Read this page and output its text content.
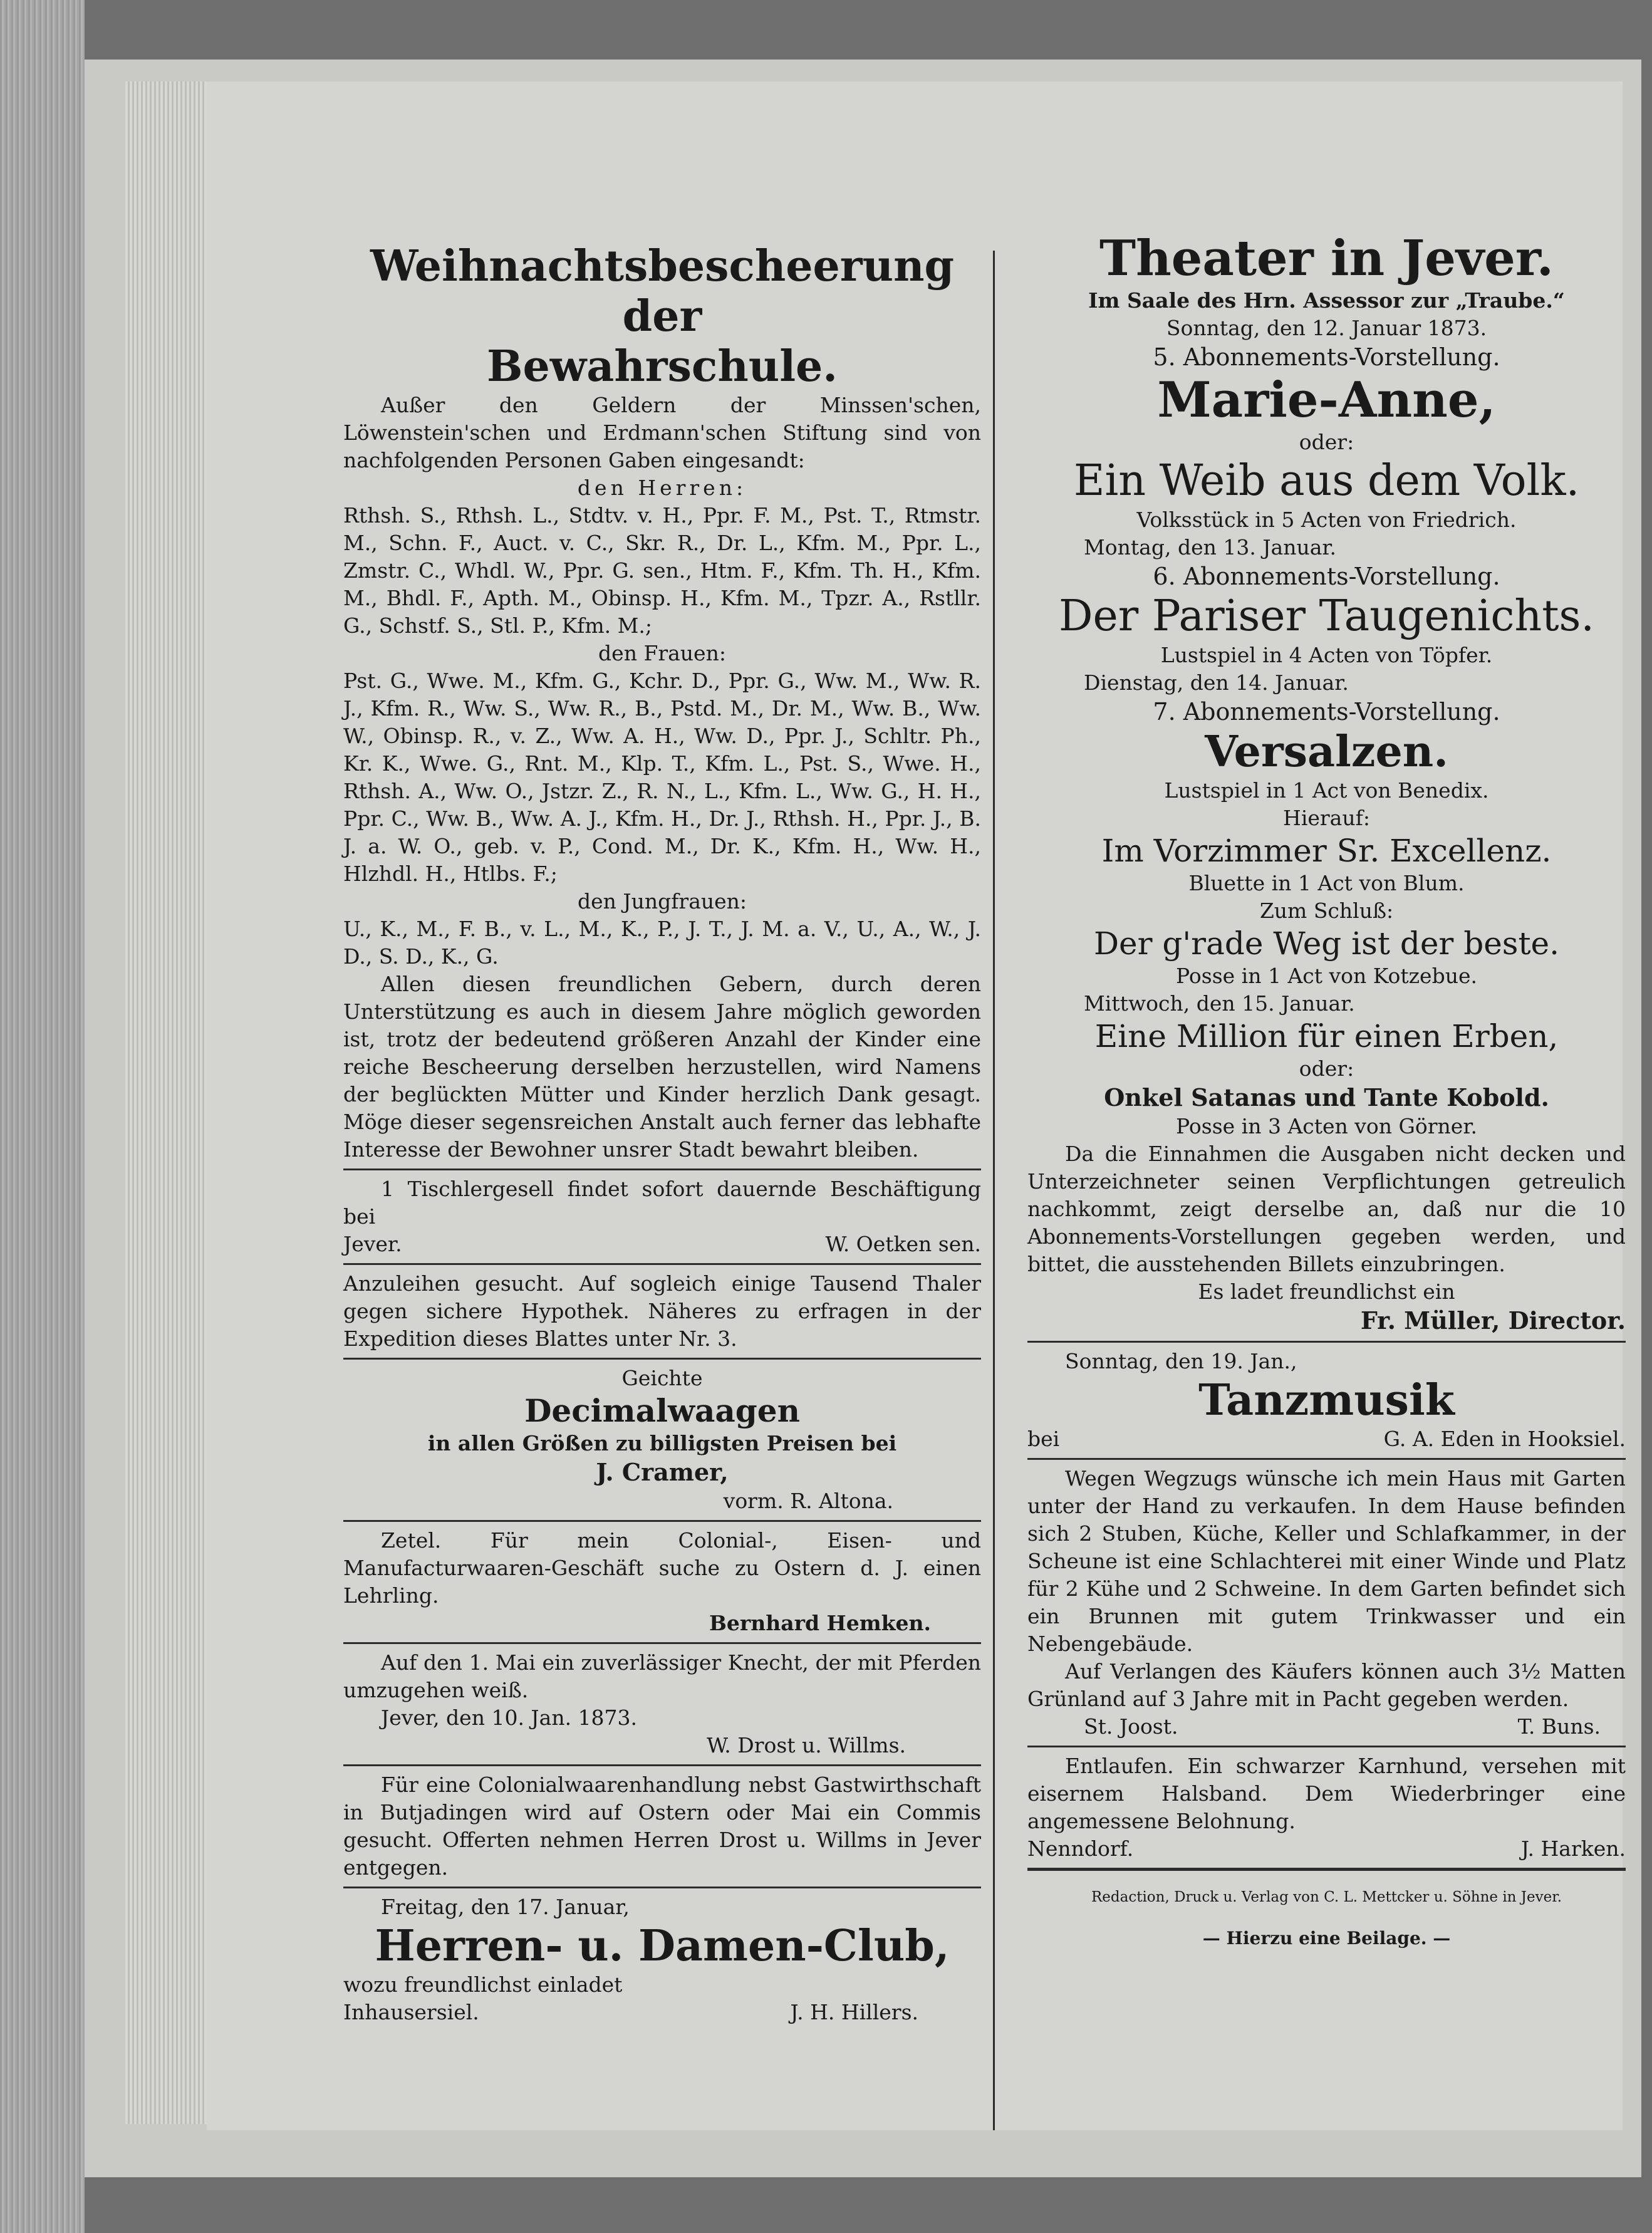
Weihnachtsbescheerung der

Bewahrschule.

Außer den Geldern der Minssen'schen, Löwenstein'schen und Erdmann'schen Stiftung sind von nachfolgenden Personen Gaben eingesandt:

den Herren:

Rthsh. S., Rthsh. L., Stdtv. v. H., Ppr. F. M., Pst. T., Rtmstr. M., Schn. F., Auct. v. C., Skr. R., Dr. L., Kfm. M., Ppr. L., Zmstr. C., Whdl. W., Ppr. G. sen., Htm. F., Kfm. Th. H., Kfm. M., Bhdl. F., Apth. M., Obinsp. H., Kfm. M., Tpzr. A., Rstllr. G., Schstf. S., Stl. P., Kfm. M.;

den Frauen:

Pst. G., Wwe. M., Kfm. G., Kchr. D., Ppr. G., Ww. M., Ww. R. J., Kfm. R., Ww. S., Ww. R., B., Pstd. M., Dr. M., Ww. B., Ww. W., Obinsp. R., v. Z., Ww. A. H., Ww. D., Ppr. J., Schltr. Ph., Kr. K., Wwe. G., Rnt. M., Klp. T., Kfm. L., Pst. S., Wwe. H., Rthsh. A., Ww. O., Jstzr. Z., R. N., L., Kfm. L., Ww. G., H. H., Ppr. C., Ww. B., Ww. A. J., Kfm. H., Dr. J., Rthsh. H., Ppr. J., B. J. a. W. O., geb. v. P., Cond. M., Dr. K., Kfm. H., Ww. H., Hlzhdl. H., Htlbs. F.;

den Jungfrauen:

U., K., M., F. B., v. L., M., K., P., J. T., J. M. a. V., U., A., W., J. D., S. D., K., G.

Allen diesen freundlichen Gebern, durch deren Unterstützung es auch in diesem Jahre möglich geworden ist, trotz der bedeutend größeren Anzahl der Kinder eine reiche Bescheerung derselben herzustellen, wird Namens der beglückten Mütter und Kinder herzlich Dank gesagt. Möge dieser segensreichen Anstalt auch ferner das lebhafte Interesse der Bewohner unsrer Stadt bewahrt bleiben.

1 Tischlergesell findet sofort dauernde Beschäftigung bei

Jever.	W. Oetken sen.

Anzuleihen gesucht. Auf sogleich einige Tausend Thaler gegen sichere Hypothek. Näheres zu erfragen in der Expedition dieses Blattes unter Nr. 3.

Geichte

Decimalwaagen

in allen Größen zu billigsten Preisen bei

J. Cramer,

vorm. R. Altona.

Zetel. Für mein Colonial-, Eisen- und Manufacturwaaren-Geschäft suche zu Ostern d. J. einen Lehrling.

Bernhard Hemken.

Auf den 1. Mai ein zuverlässiger Knecht, der mit Pferden umzugehen weiß.

Jever, den 10. Jan. 1873.

W. Drost u. Willms.

Für eine Colonialwaarenhandlung nebst Gastwirthschaft in Butjadingen wird auf Ostern oder Mai ein Commis gesucht. Offerten nehmen Herren Drost u. Willms in Jever entgegen.

Freitag, den 17. Januar,

Herren- u. Damen-Club,

wozu freundlichst einladet

Inhausersiel.	J. H. Hillers.

Theater in Jever.

Im Saale des Hrn. Assessor zur „Traube.“

Sonntag, den 12. Januar 1873.

5. Abonnements-Vorstellung.

Marie-Anne,

oder:

Ein Weib aus dem Volk.

Volksstück in 5 Acten von Friedrich.

Montag, den 13. Januar.

6. Abonnements-Vorstellung.

Der Pariser Taugenichts.

Lustspiel in 4 Acten von Töpfer.

Dienstag, den 14. Januar.

7. Abonnements-Vorstellung.

Versalzen.

Lustspiel in 1 Act von Benedix.

Hierauf:

Im Vorzimmer Sr. Excellenz.

Bluette in 1 Act von Blum.

Zum Schluß:

Der g'rade Weg ist der beste.

Posse in 1 Act von Kotzebue.

Mittwoch, den 15. Januar.

Eine Million für einen Erben,

oder:

Onkel Satanas und Tante Kobold.

Posse in 3 Acten von Görner.

Da die Einnahmen die Ausgaben nicht decken und Unterzeichneter seinen Verpflichtungen getreulich nachkommt, zeigt derselbe an, daß nur die 10 Abonnements-Vorstellungen gegeben werden, und bittet, die ausstehenden Billets einzubringen.

Es ladet freundlichst ein

Fr. Müller, Director.

Sonntag, den 19. Jan.,

Tanzmusik

bei	G. A. Eden in Hooksiel.

Wegen Wegzugs wünsche ich mein Haus mit Garten unter der Hand zu verkaufen. In dem Hause befinden sich 2 Stuben, Küche, Keller und Schlafkammer, in der Scheune ist eine Schlachterei mit einer Winde und Platz für 2 Kühe und 2 Schweine. In dem Garten befindet sich ein Brunnen mit gutem Trinkwasser und ein Nebengebäude.

Auf Verlangen des Käufers können auch 3½ Matten Grünland auf 3 Jahre mit in Pacht gegeben werden.

St. Joost.	T. Buns.

Entlaufen. Ein schwarzer Karnhund, versehen mit eisernem Halsband. Dem Wiederbringer eine angemessene Belohnung.

Nenndorf.	J. Harken.

Redaction, Druck u. Verlag von C. L. Mettcker u. Söhne in Jever.

— Hierzu eine Beilage. —
